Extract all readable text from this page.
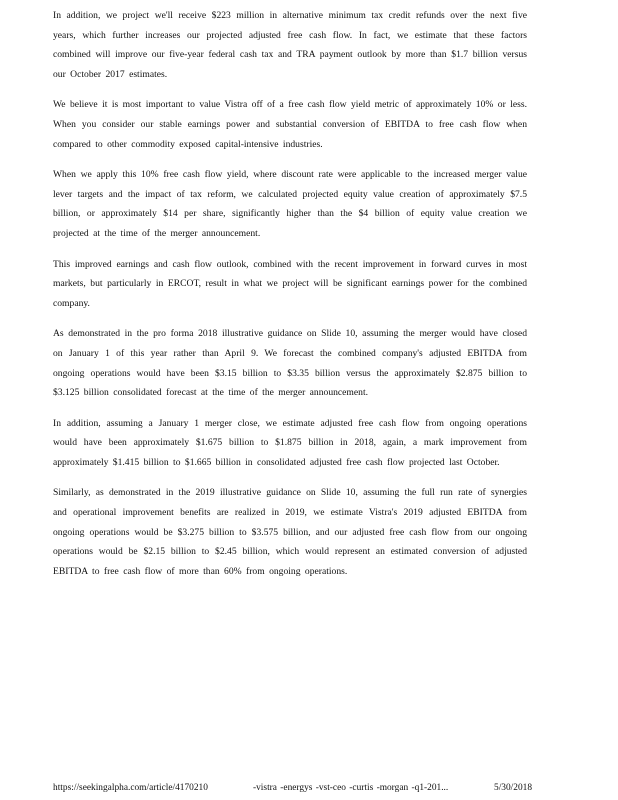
In addition, we project we'll receive $223 million in alternative minimum tax credit refunds over the next five years, which further increases our projected adjusted free cash flow. In fact, we estimate that these factors combined will improve our five-year federal cash tax and TRA payment outlook by more than $1.7 billion versus our October 2017 estimates.

We believe it is most important to value Vistra off of a free cash flow yield metric of approximately 10% or less. When you consider our stable earnings power and substantial conversion of EBITDA to free cash flow when compared to other commodity exposed capital-intensive industries.

When we apply this 10% free cash flow yield, where discount rate were applicable to the increased merger value lever targets and the impact of tax reform, we calculated projected equity value creation of approximately $7.5 billion, or approximately $14 per share, significantly higher than the $4 billion of equity value creation we projected at the time of the merger announcement.

This improved earnings and cash flow outlook, combined with the recent improvement in forward curves in most markets, but particularly in ERCOT, result in what we project will be significant earnings power for the combined company.

As demonstrated in the pro forma 2018 illustrative guidance on Slide 10, assuming the merger would have closed on January 1 of this year rather than April 9. We forecast the combined company's adjusted EBITDA from ongoing operations would have been $3.15 billion to $3.35 billion versus the approximately $2.875 billion to $3.125 billion consolidated forecast at the time of the merger announcement.

In addition, assuming a January 1 merger close, we estimate adjusted free cash flow from ongoing operations would have been approximately $1.675 billion to $1.875 billion in 2018, again, a mark improvement from approximately $1.415 billion to $1.665 billion in consolidated adjusted free cash flow projected last October.

Similarly, as demonstrated in the 2019 illustrative guidance on Slide 10, assuming the full run rate of synergies and operational improvement benefits are realized in 2019, we estimate Vistra's 2019 adjusted EBITDA from ongoing operations would be $3.275 billion to $3.575 billion, and our adjusted free cash flow from our ongoing operations would be $2.15 billion to $2.45 billion, which would represent an estimated conversion of adjusted EBITDA to free cash flow of more than 60% from ongoing operations.

https://seekingalpha.com/article/4170210	-vistra -energys -vst-ceo -curtis -morgan -q1-201...	5/30/2018
